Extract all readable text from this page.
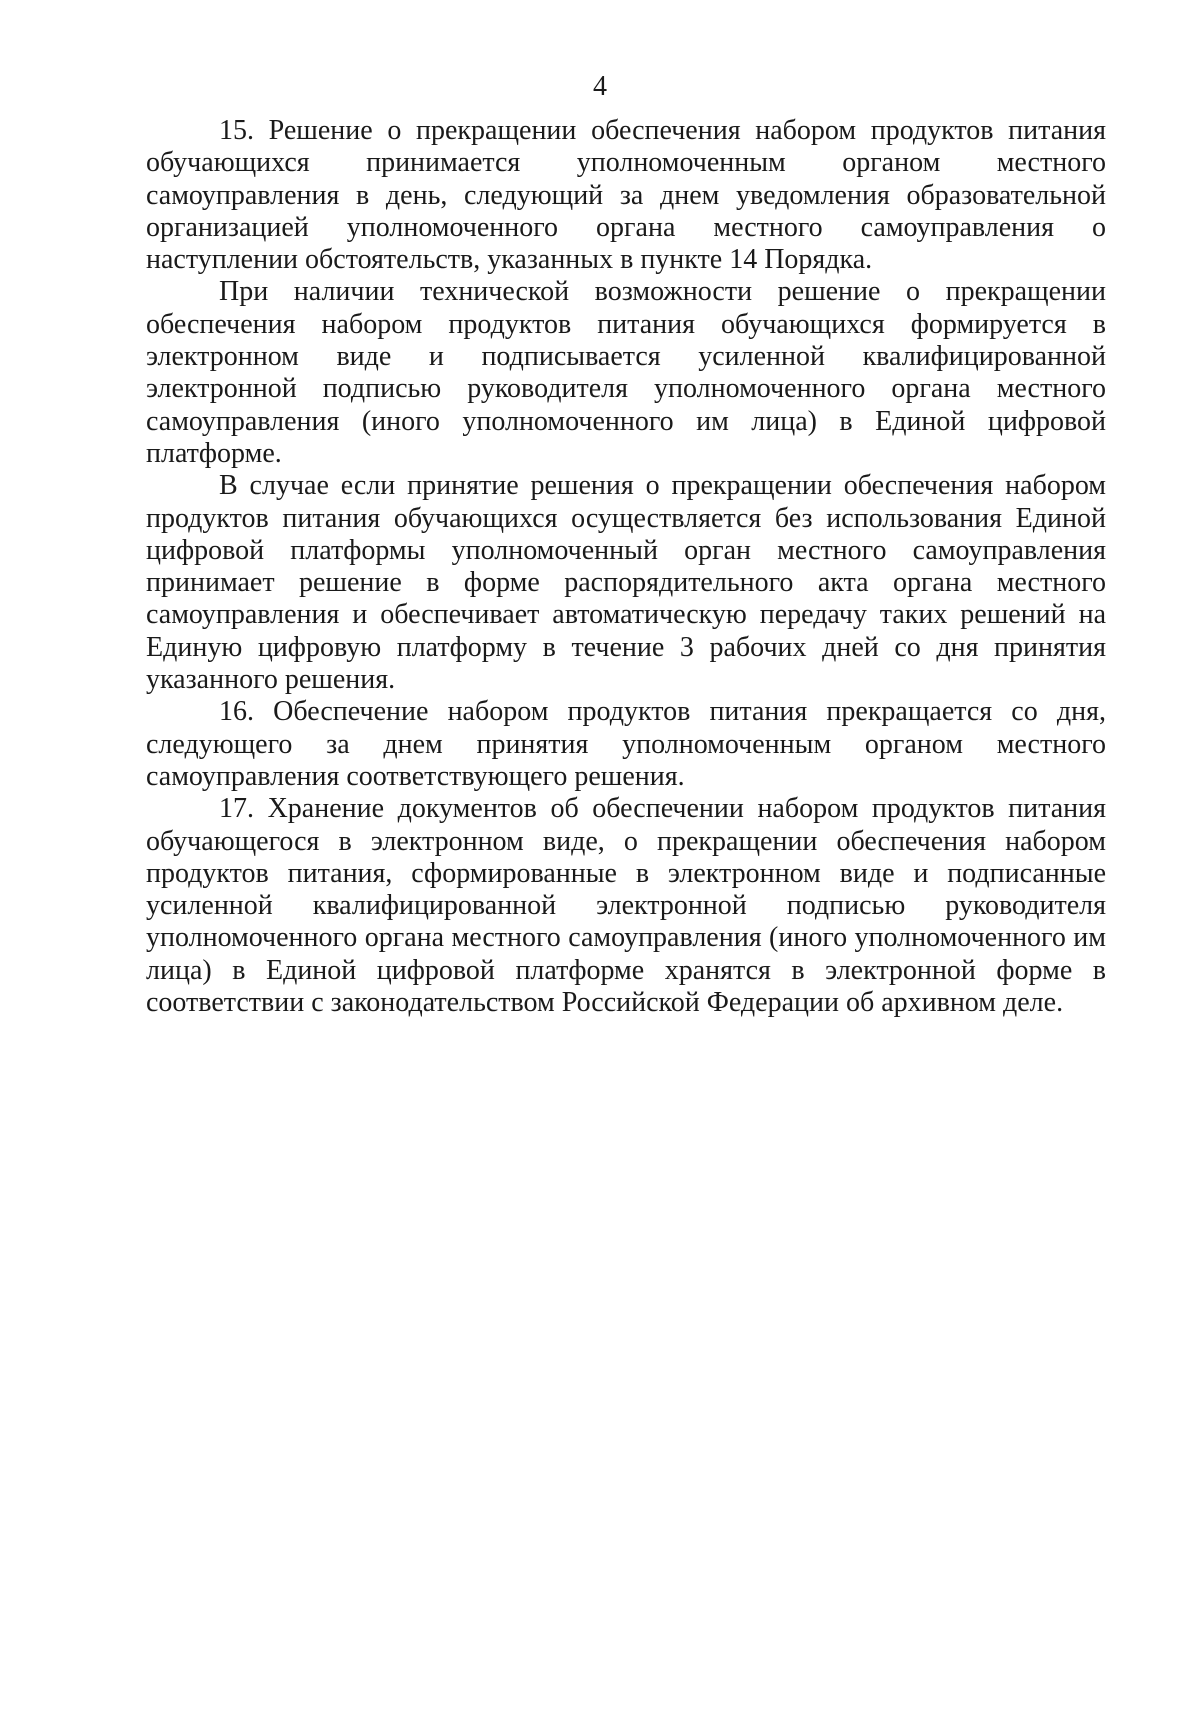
4

15. Решение о прекращении обеспечения набором продуктов питания обучающихся принимается уполномоченным органом местного самоуправления в день, следующий за днем уведомления образовательной организацией уполномоченного органа местного самоуправления о наступлении обстоятельств, указанных в пункте 14 Порядка.

При наличии технической возможности решение о прекращении обеспечения набором продуктов питания обучающихся формируется в электронном виде и подписывается усиленной квалифицированной электронной подписью руководителя уполномоченного органа местного самоуправления (иного уполномоченного им лица) в Единой цифровой платформе.

В случае если принятие решения о прекращении обеспечения набором продуктов питания обучающихся осуществляется без использования Единой цифровой платформы уполномоченный орган местного самоуправления принимает решение в форме распорядительного акта органа местного самоуправления и обеспечивает автоматическую передачу таких решений на Единую цифровую платформу в течение 3 рабочих дней со дня принятия указанного решения.

16. Обеспечение набором продуктов питания прекращается со дня, следующего за днем принятия уполномоченным органом местного самоуправления соответствующего решения.

17. Хранение документов об обеспечении набором продуктов питания обучающегося в электронном виде, о прекращении обеспечения набором продуктов питания, сформированные в электронном виде и подписанные усиленной квалифицированной электронной подписью руководителя уполномоченного органа местного самоуправления (иного уполномоченного им лица) в Единой цифровой платформе хранятся в электронной форме в соответствии с законодательством Российской Федерации об архивном деле.
